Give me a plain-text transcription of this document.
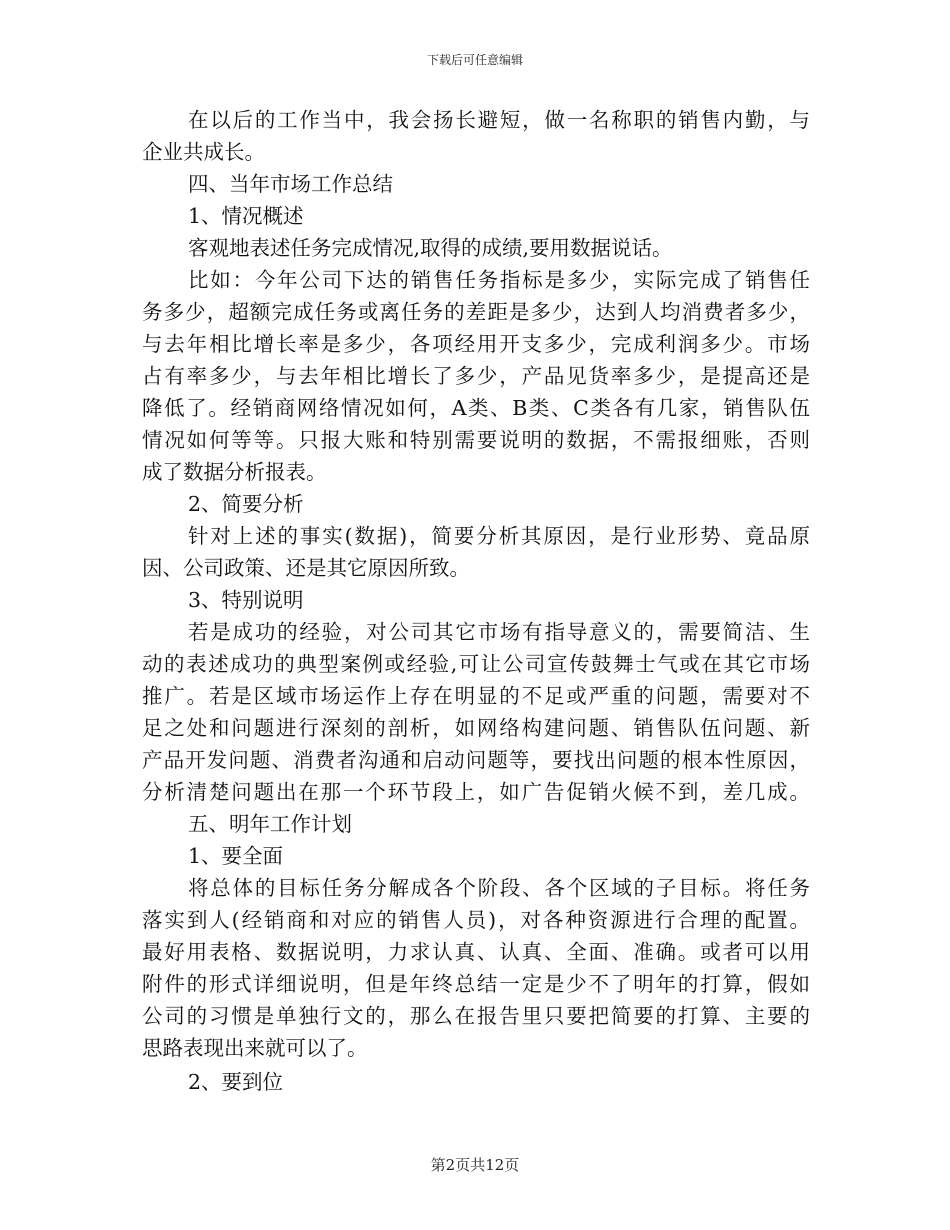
下载后可任意编辑
在以后的工作当中，我会扬长避短，做一名称职的销售内勤，与
企业共成长。
四、当年市场工作总结
1、情况概述
客观地表述任务完成情况,取得的成绩,要用数据说话。
比如：今年公司下达的销售任务指标是多少，实际完成了销售任
务多少，超额完成任务或离任务的差距是多少，达到人均消费者多少，
与去年相比增长率是多少，各项经用开支多少，完成利润多少。市场
占有率多少，与去年相比增长了多少，产品见货率多少，是提高还是
降低了。经销商网络情况如何，A类、B类、C类各有几家，销售队伍
情况如何等等。只报大账和特别需要说明的数据，不需报细账，否则
成了数据分析报表。
2、简要分析
针对上述的事实(数据)，简要分析其原因，是行业形势、竟品原
因、公司政策、还是其它原因所致。
3、特别说明
若是成功的经验，对公司其它市场有指导意义的，需要简洁、生
动的表述成功的典型案例或经验,可让公司宣传鼓舞士气或在其它市场
推广。若是区域市场运作上存在明显的不足或严重的问题，需要对不
足之处和问题进行深刻的剖析，如网络构建问题、销售队伍问题、新
产品开发问题、消费者沟通和启动问题等，要找出问题的根本性原因，
分析清楚问题出在那一个环节段上，如广告促销火候不到，差几成。
五、明年工作计划
1、要全面
将总体的目标任务分解成各个阶段、各个区域的子目标。将任务
落实到人(经销商和对应的销售人员)，对各种资源进行合理的配置。
最好用表格、数据说明，力求认真、认真、全面、准确。或者可以用
附件的形式详细说明，但是年终总结一定是少不了明年的打算，假如
公司的习惯是单独行文的，那么在报告里只要把简要的打算、主要的
思路表现出来就可以了。
2、要到位
第2页共12页
